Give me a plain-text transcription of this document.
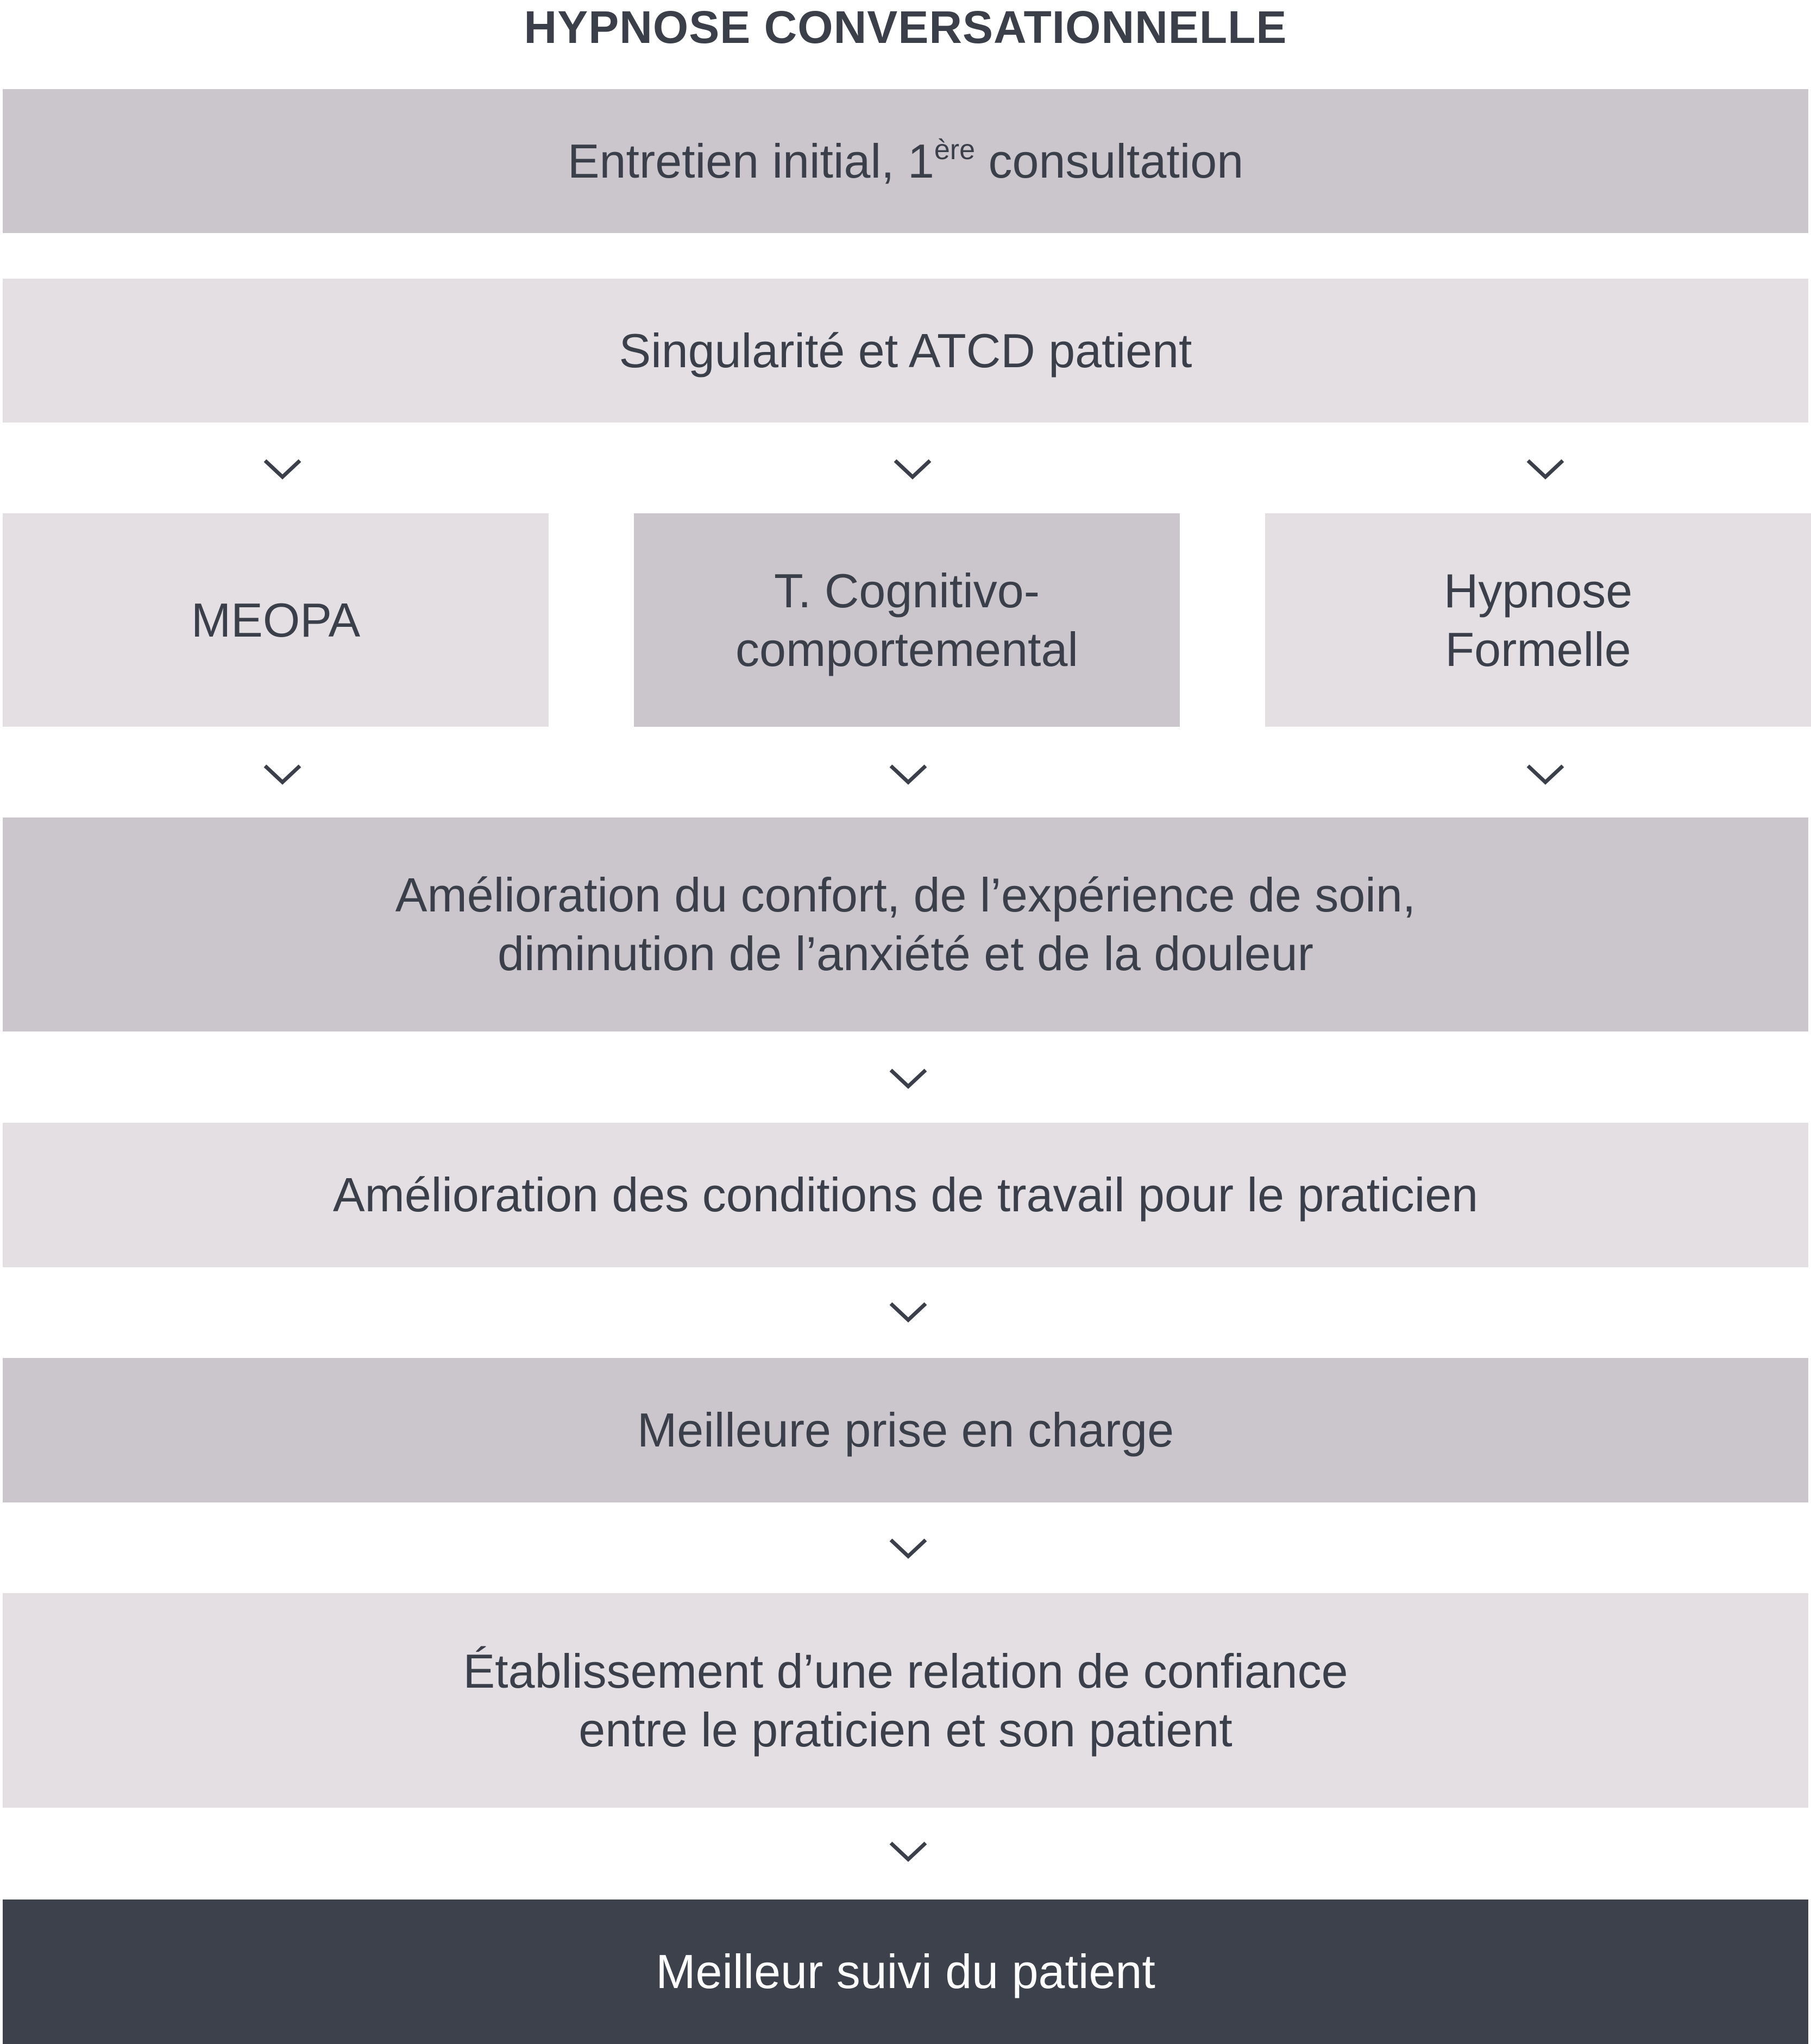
HYPNOSE CONVERSATIONNELLE
Entretien initial, 1ère consultation
Singularité et ATCD patient
MEOPA
T. Cognitivo-
comportemental
Hypnose
Formelle
Amélioration du confort, de l’expérience de soin,
diminution de l’anxiété et de la douleur
Amélioration des conditions de travail pour le praticien
Meilleure prise en charge
Établissement d’une relation de confiance
entre le praticien et son patient
Meilleur suivi du patient
